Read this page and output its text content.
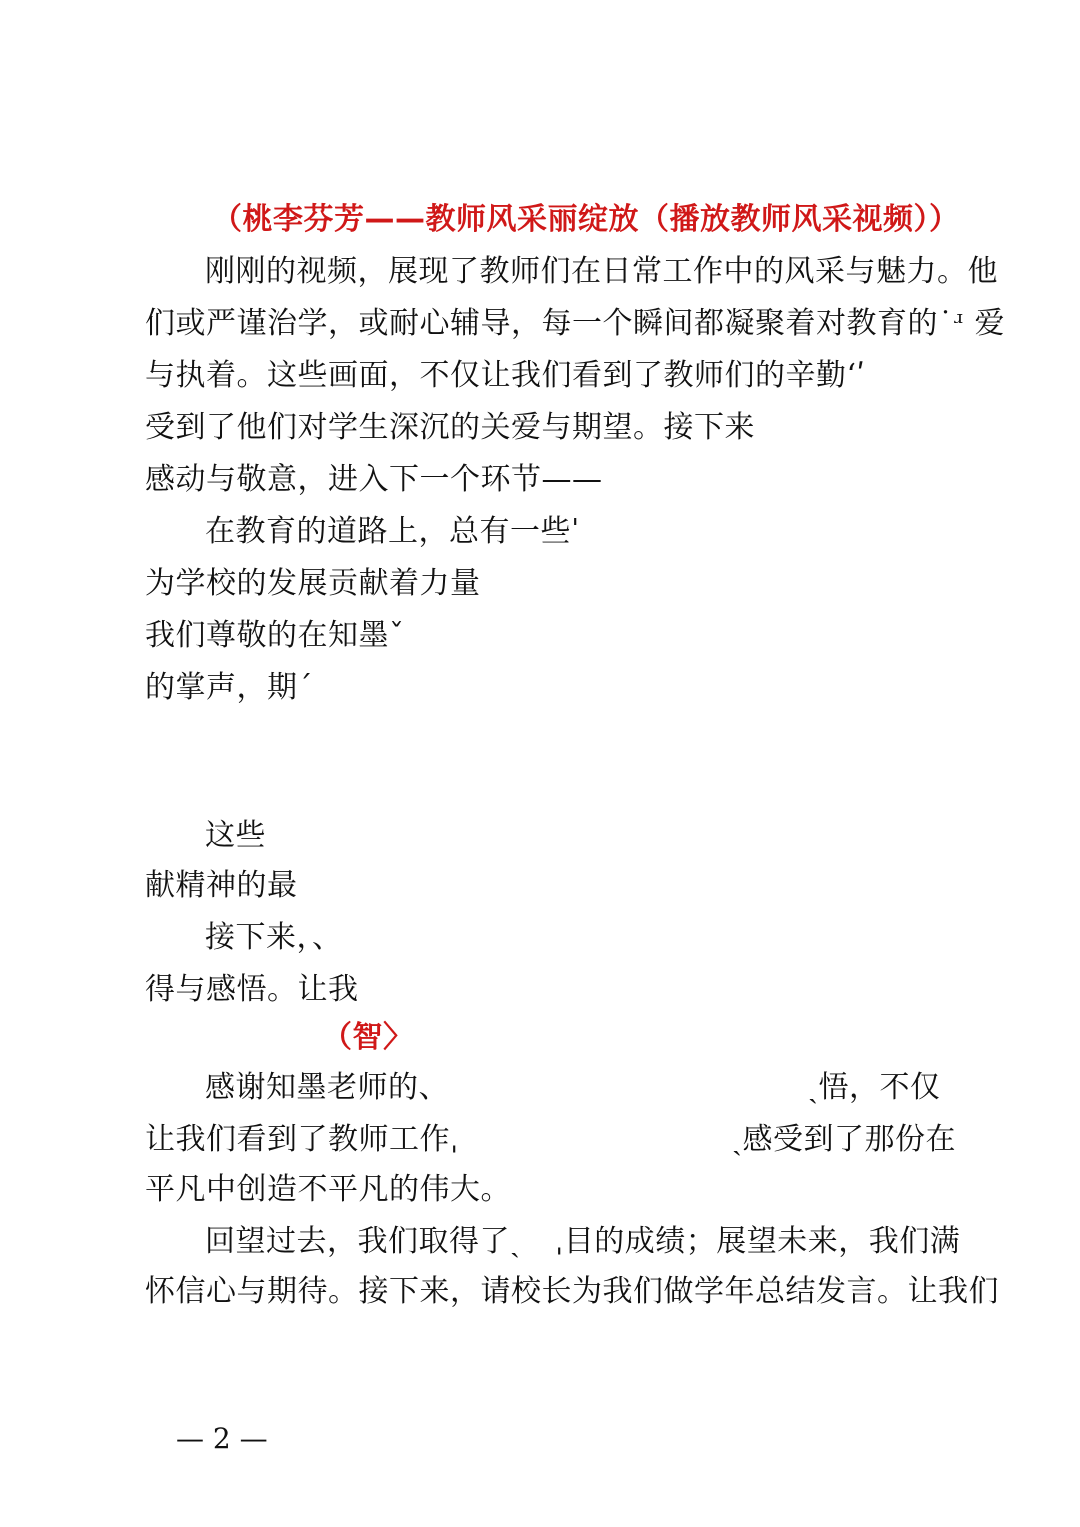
（桃李芬芳——教师风采丽绽放（播放教师风采视频））
刚刚的视频，展现了教师们在日常工作中的风采与魅力。他
们或严谨治学，或耐心辅导，每一个瞬间都凝聚着对教育的˙ʴ 爱
与执着。这些画面，不仅让我们看到了教师们的辛勤ʻʹ
受到了他们对学生深沉的关爱与期望。接下来
感动与敬意，进入下一个环节——
在教育的道路上，总有一些ˈ
为学校的发展贡献着力量
我们尊敬的在知墨ˇ
的掌声，期ˊ
这些
献精神的最
接下来，、
得与感悟。让我
（智〉
感谢知墨老师的、	ˎ悟，不仅
让我们看到了教师工作ˌ	ˎ感受到了那份在
平凡中创造不平凡的伟大。
回望过去，我们取得了ˎ ˌ目的成绩；展望未来，我们满
怀信心与期待。接下来，请校长为我们做学年总结发言。让我们
— 2 —
